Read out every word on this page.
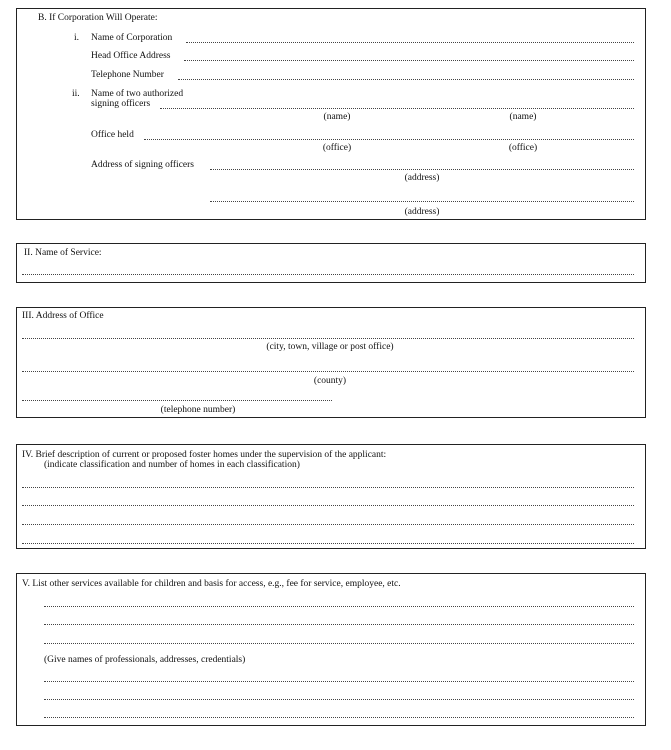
B. If Corporation Will Operate:
i. Name of Corporation
Head Office Address
Telephone Number
ii. Name of two authorized
signing officers
(name)	(name)
Office held
(office)	(office)
Address of signing officers
(address)
(address)
II. Name of Service:
III. Address of Office
(city, town, village or post office)
(county)
(telephone number)
IV. Brief description of current or proposed foster homes under the supervision of the applicant:
(indicate classification and number of homes in each classification)
V. List other services available for children and basis for access, e.g., fee for service, employee, etc.
(Give names of professionals, addresses, credentials)
